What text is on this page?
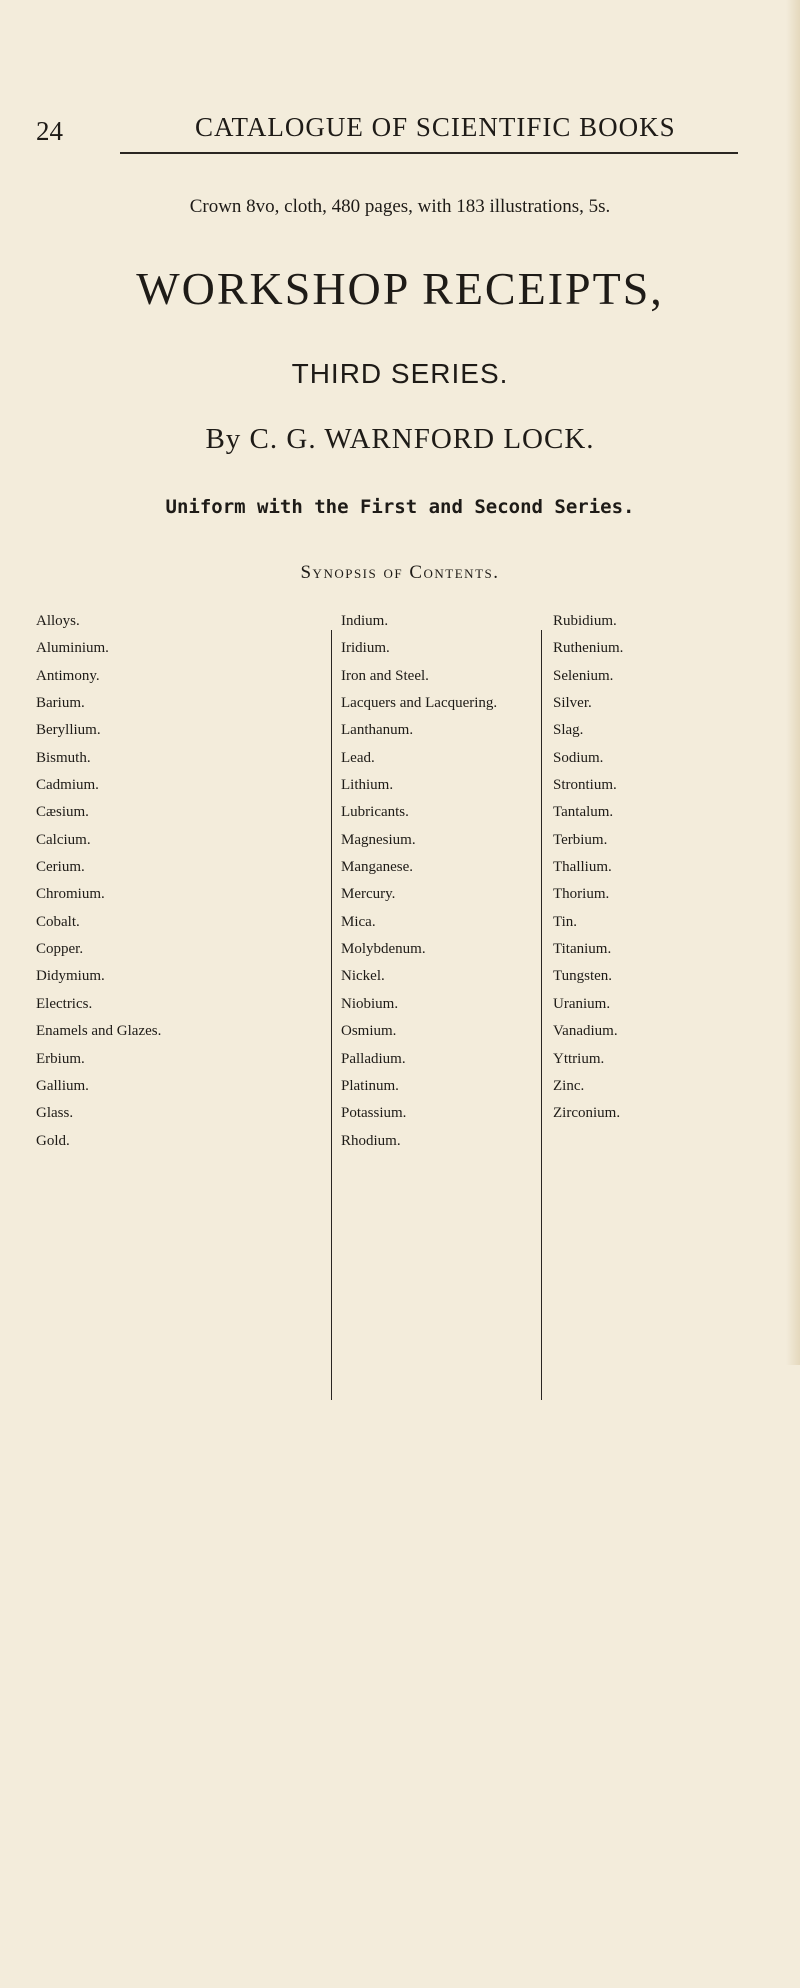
24	CATALOGUE OF SCIENTIFIC BOOKS
Crown 8vo, cloth, 480 pages, with 183 illustrations, 5s.
WORKSHOP RECEIPTS,
THIRD SERIES.
By C. G. WARNFORD LOCK.
Uniform with the First and Second Series.
Synopsis of Contents.
Alloys.
Aluminium.
Antimony.
Barium.
Beryllium.
Bismuth.
Cadmium.
Cæsium.
Calcium.
Cerium.
Chromium.
Cobalt.
Copper.
Didymium.
Electrics.
Enamels and Glazes.
Erbium.
Gallium.
Glass.
Gold.
Indium.
Iridium.
Iron and Steel.
Lacquers and Lacquering.
Lanthanum.
Lead.
Lithium.
Lubricants.
Magnesium.
Manganese.
Mercury.
Mica.
Molybdenum.
Nickel.
Niobium.
Osmium.
Palladium.
Platinum.
Potassium.
Rhodium.
Rubidium.
Ruthenium.
Selenium.
Silver.
Slag.
Sodium.
Strontium.
Tantalum.
Terbium.
Thallium.
Thorium.
Tin.
Titanium.
Tungsten.
Uranium.
Vanadium.
Yttrium.
Zinc.
Zirconium.
